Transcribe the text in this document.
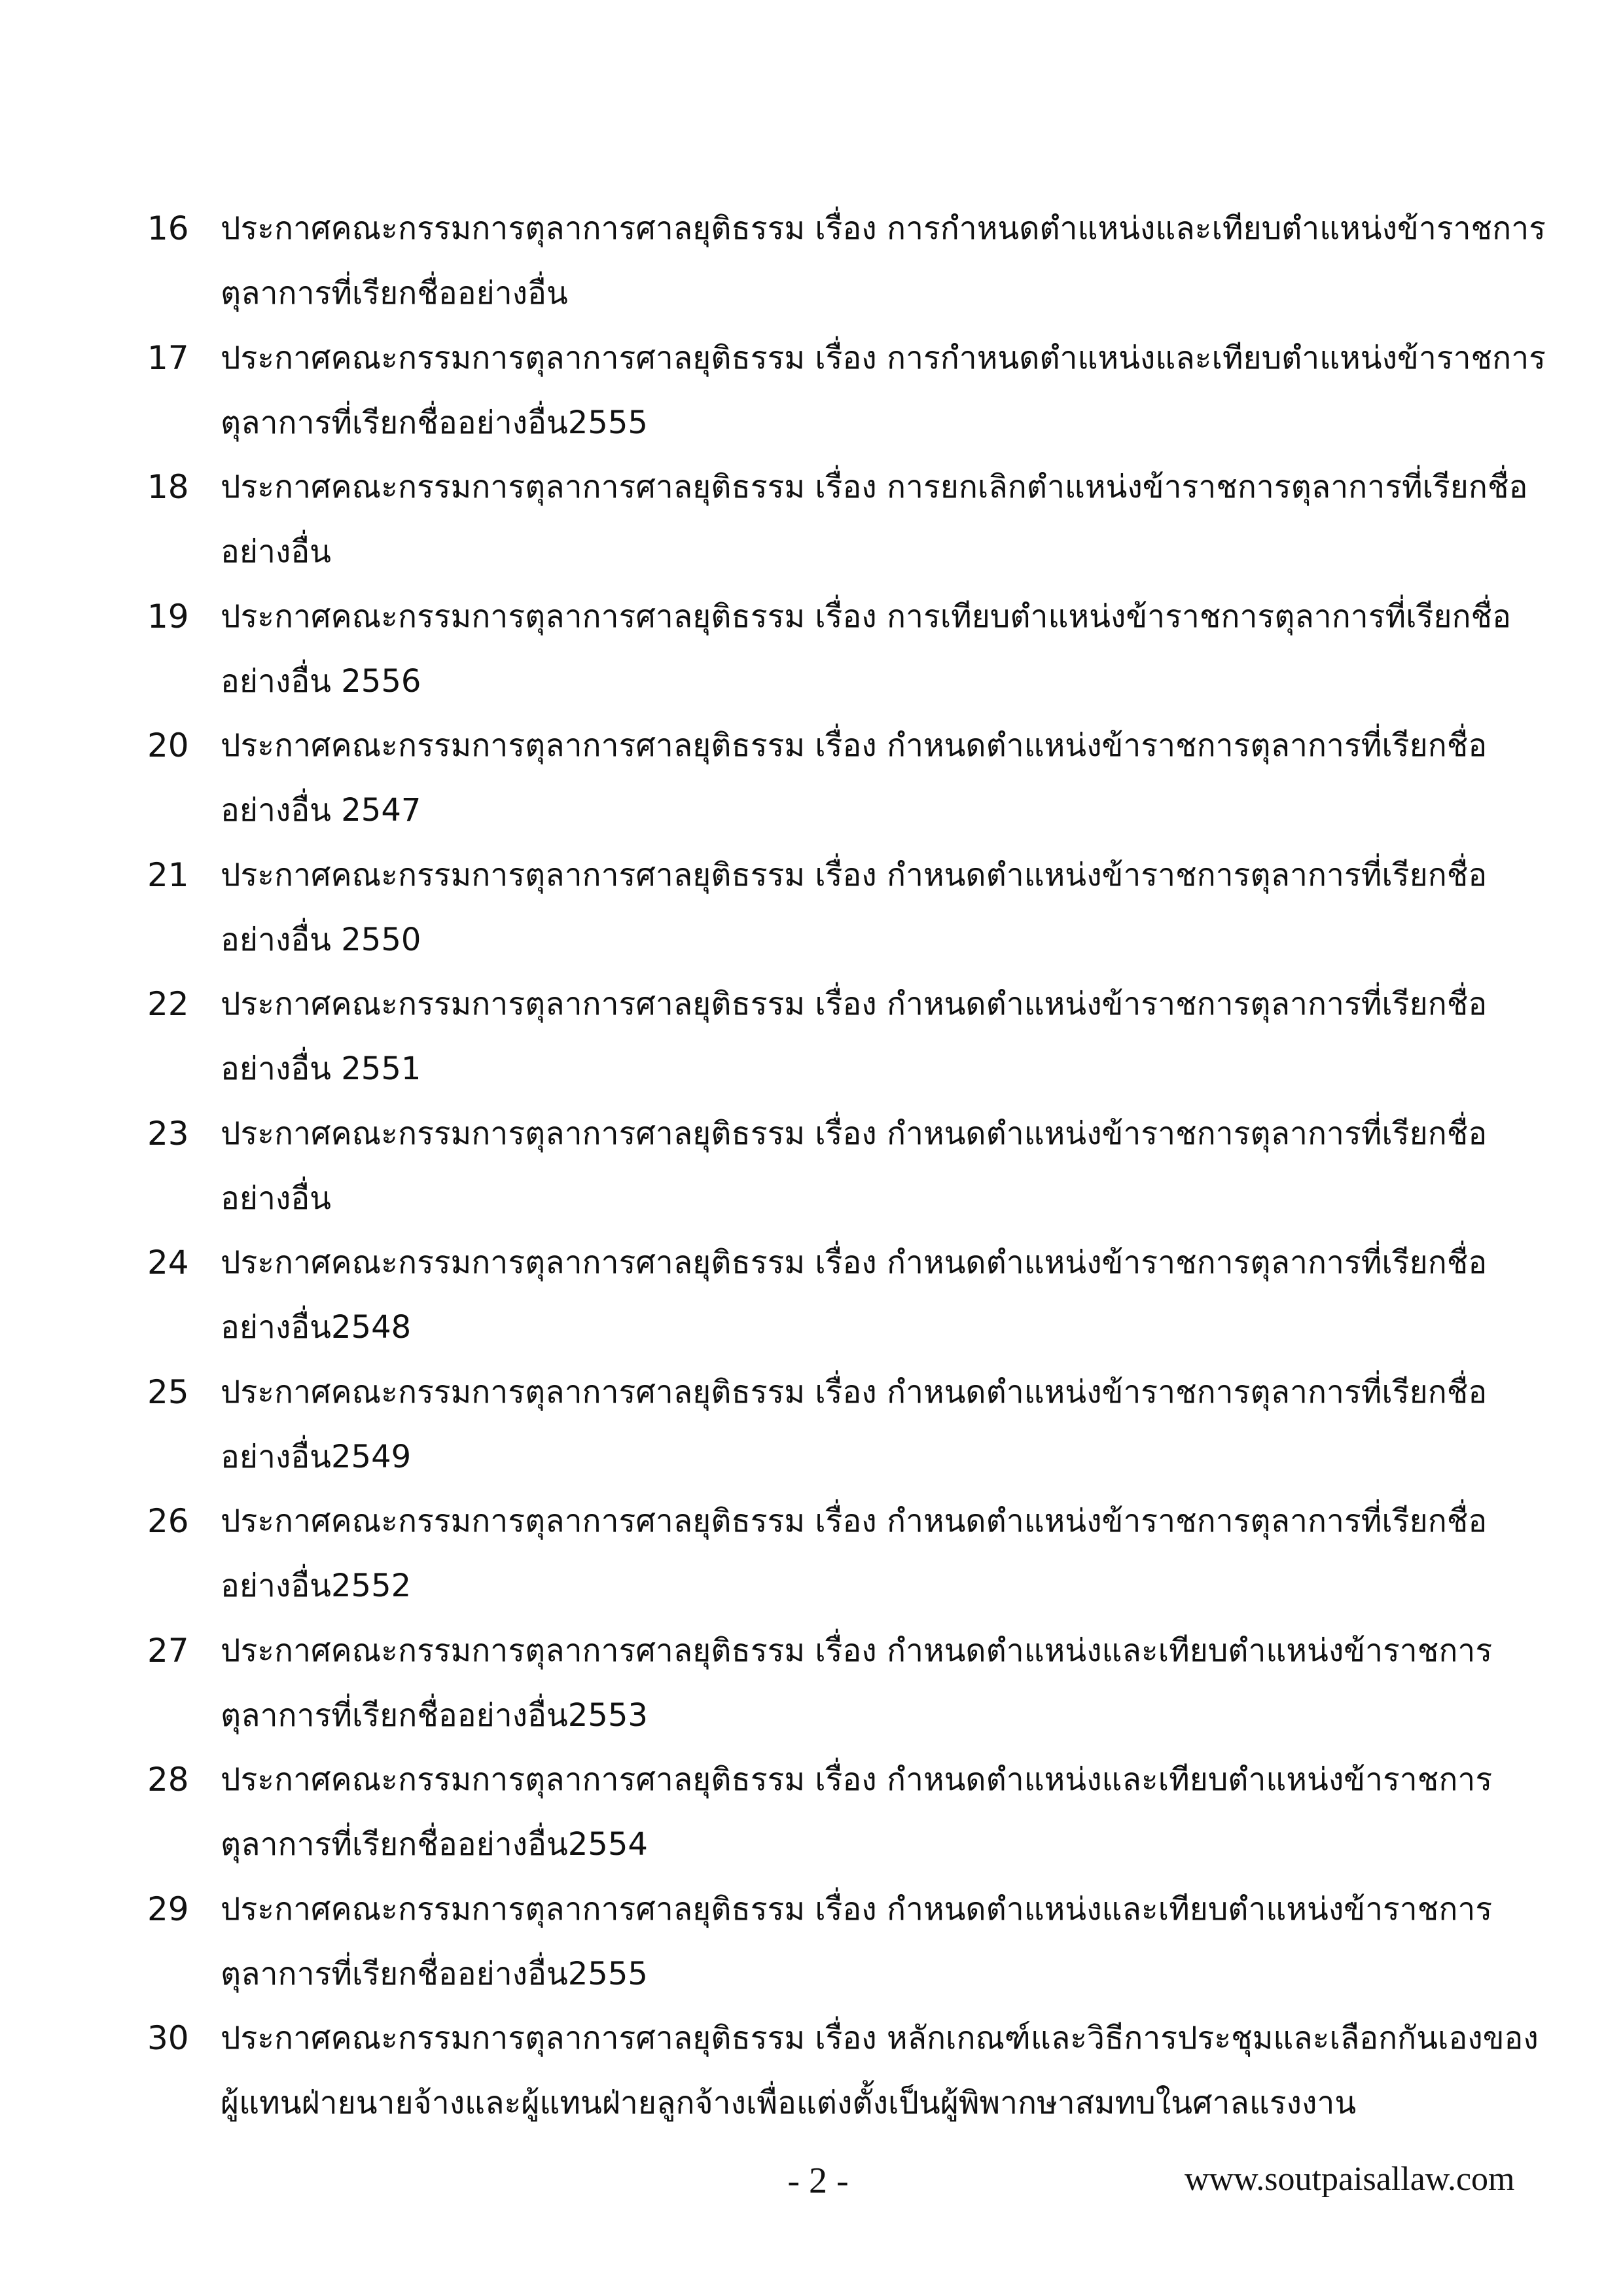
16	ประกาศคณะกรรมการตุลาการศาลยุติธรรม เรื่อง การกำหนดตำแหน่งและเทียบตำแหน่งข้าราชการ
ตุลาการที่เรียกชื่ออย่างอื่น
17	ประกาศคณะกรรมการตุลาการศาลยุติธรรม เรื่อง การกำหนดตำแหน่งและเทียบตำแหน่งข้าราชการ
ตุลาการที่เรียกชื่ออย่างอื่น2555
18	ประกาศคณะกรรมการตุลาการศาลยุติธรรม เรื่อง การยกเลิกตำแหน่งข้าราชการตุลาการที่เรียกชื่อ
อย่างอื่น
19	ประกาศคณะกรรมการตุลาการศาลยุติธรรม เรื่อง การเทียบตำแหน่งข้าราชการตุลาการที่เรียกชื่อ
อย่างอื่น 2556
20	ประกาศคณะกรรมการตุลาการศาลยุติธรรม เรื่อง กำหนดตำแหน่งข้าราชการตุลาการที่เรียกชื่อ
อย่างอื่น 2547
21	ประกาศคณะกรรมการตุลาการศาลยุติธรรม เรื่อง กำหนดตำแหน่งข้าราชการตุลาการที่เรียกชื่อ
อย่างอื่น 2550
22	ประกาศคณะกรรมการตุลาการศาลยุติธรรม เรื่อง กำหนดตำแหน่งข้าราชการตุลาการที่เรียกชื่อ
อย่างอื่น 2551
23	ประกาศคณะกรรมการตุลาการศาลยุติธรรม เรื่อง กำหนดตำแหน่งข้าราชการตุลาการที่เรียกชื่อ
อย่างอื่น
24	ประกาศคณะกรรมการตุลาการศาลยุติธรรม เรื่อง กำหนดตำแหน่งข้าราชการตุลาการที่เรียกชื่อ
อย่างอื่น2548
25	ประกาศคณะกรรมการตุลาการศาลยุติธรรม เรื่อง กำหนดตำแหน่งข้าราชการตุลาการที่เรียกชื่อ
อย่างอื่น2549
26	ประกาศคณะกรรมการตุลาการศาลยุติธรรม เรื่อง กำหนดตำแหน่งข้าราชการตุลาการที่เรียกชื่อ
อย่างอื่น2552
27	ประกาศคณะกรรมการตุลาการศาลยุติธรรม เรื่อง กำหนดตำแหน่งและเทียบตำแหน่งข้าราชการ
ตุลาการที่เรียกชื่ออย่างอื่น2553
28	ประกาศคณะกรรมการตุลาการศาลยุติธรรม เรื่อง กำหนดตำแหน่งและเทียบตำแหน่งข้าราชการ
ตุลาการที่เรียกชื่ออย่างอื่น2554
29	ประกาศคณะกรรมการตุลาการศาลยุติธรรม เรื่อง กำหนดตำแหน่งและเทียบตำแหน่งข้าราชการ
ตุลาการที่เรียกชื่ออย่างอื่น2555
30	ประกาศคณะกรรมการตุลาการศาลยุติธรรม เรื่อง หลักเกณฑ์และวิธีการประชุมและเลือกกันเองของ
ผู้แทนฝ่ายนายจ้างและผู้แทนฝ่ายลูกจ้างเพื่อแต่งตั้งเป็นผู้พิพากษาสมทบในศาลแรงงาน
- 2 -	www.soutpaisallaw.com
